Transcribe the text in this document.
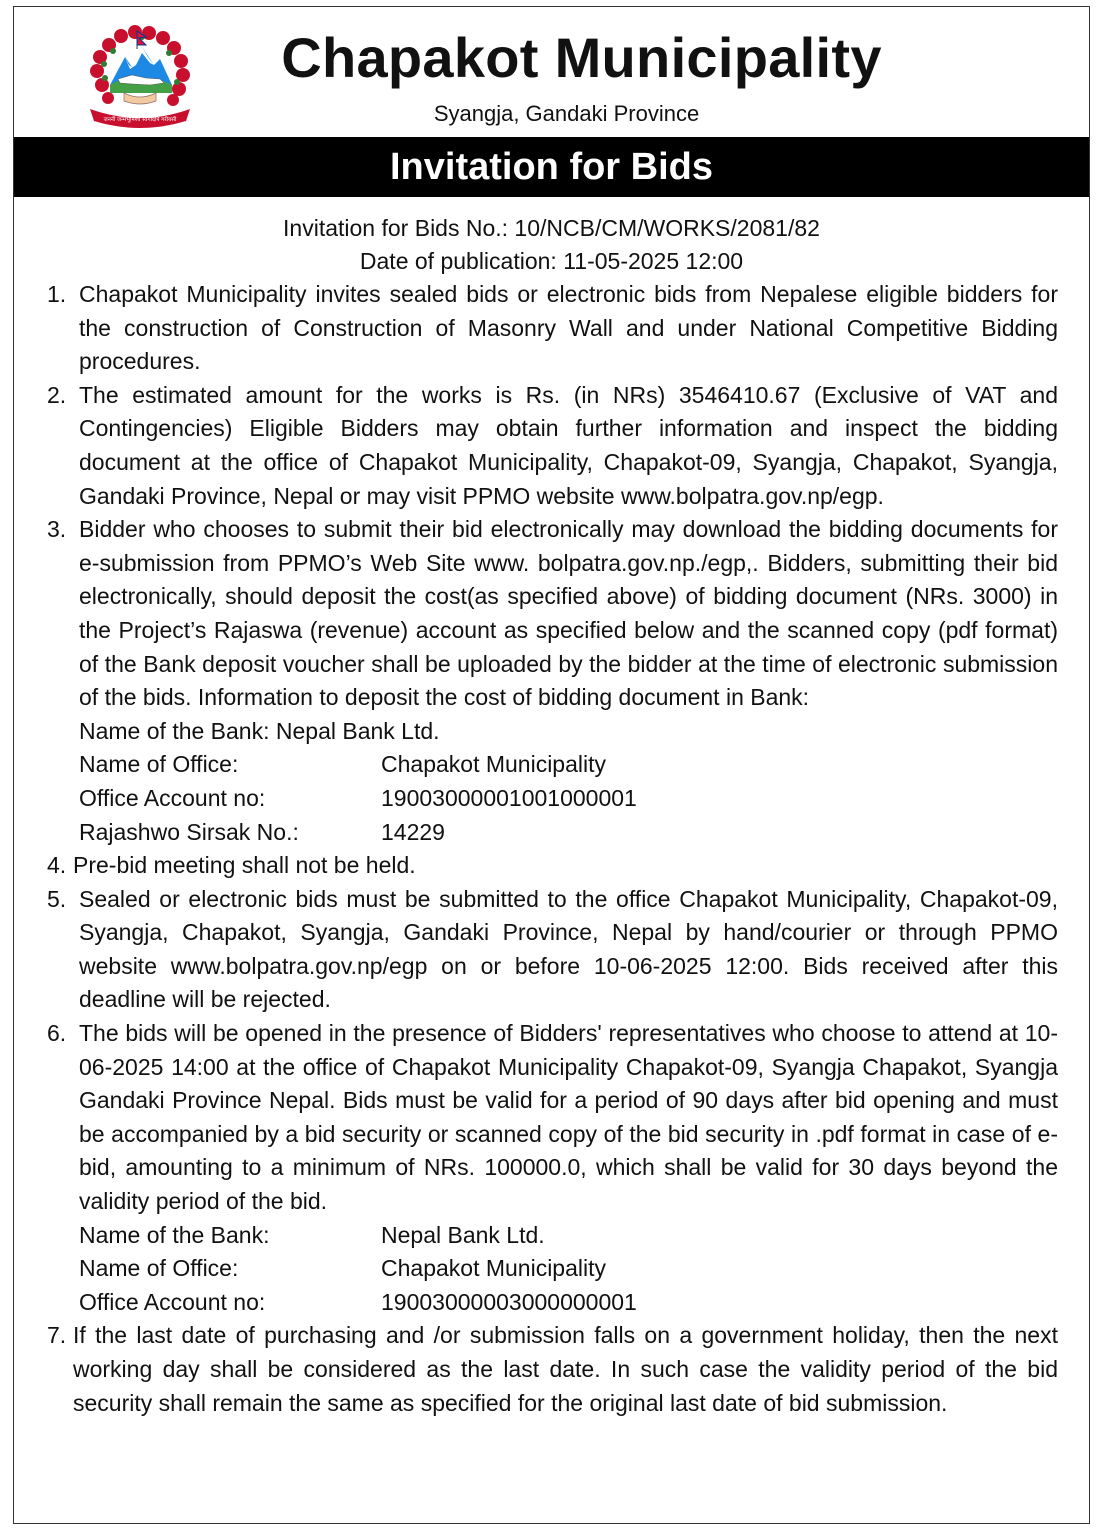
जननी जन्मभूमिश्च स्वर्गादपि गरीयसी
Chapakot Municipality
Syangja, Gandaki Province
Invitation for Bids
Invitation for Bids No.: 10/NCB/CM/WORKS/2081/82
Date of publication: 11-05-2025 12:00
1. Chapakot Municipality invites sealed bids or electronic bids from Nepalese eligible bidders for the construction of Construction of Masonry Wall and under National Competitive Bidding procedures.

2. The estimated amount for the works is Rs. (in NRs) 3546410.67 (Exclusive of VAT and Contingencies) Eligible Bidders may obtain further information and inspect the bidding document at the office of Chapakot Municipality, Chapakot-09, Syangja, Chapakot, Syangja, Gandaki Province, Nepal or may visit PPMO website www.bolpatra.gov.np/egp.

3. Bidder who chooses to submit their bid electronically may download the bidding documents for e-submission from PPMO’s Web Site www. bolpatra.gov.np./egp,. Bidders, submitting their bid electronically, should deposit the cost(as specified above) of bidding document (NRs. 3000) in the Project’s Rajaswa (revenue) account as specified below and the scanned copy (pdf format) of the Bank deposit voucher shall be uploaded by the bidder at the time of electronic submission of the bids. Information to deposit the cost of bidding document in Bank:

Name of the Bank: Nepal Bank Ltd.

Name of Office:	Chapakot Municipality
Office Account no:	19003000001001000001
Rajashwo Sirsak No.:	14229
4. Pre-bid meeting shall not be held.

5. Sealed or electronic bids must be submitted to the office Chapakot Municipality, Chapakot-09, Syangja, Chapakot, Syangja, Gandaki Province, Nepal by hand/courier or through PPMO website www.bolpatra.gov.np/egp on or before 10-06-2025 12:00. Bids received after this deadline will be rejected.

6. The bids will be opened in the presence of Bidders' representatives who choose to attend at 10-06-2025 14:00 at the office of Chapakot Municipality Chapakot-09, Syangja Chapakot, Syangja Gandaki Province Nepal. Bids must be valid for a period of 90 days after bid opening and must be accompanied by a bid security or scanned copy of the bid security in .pdf format in case of e-bid, amounting to a minimum of NRs. 100000.0, which shall be valid for 30 days beyond the validity period of the bid.

Name of the Bank:	Nepal Bank Ltd.
Name of Office:	Chapakot Municipality
Office Account no:	19003000003000000001
7. If the last date of purchasing and /or submission falls on a government holiday, then the next working day shall be considered as the last date. In such case the validity period of the bid security shall remain the same as specified for the original last date of bid submission.
